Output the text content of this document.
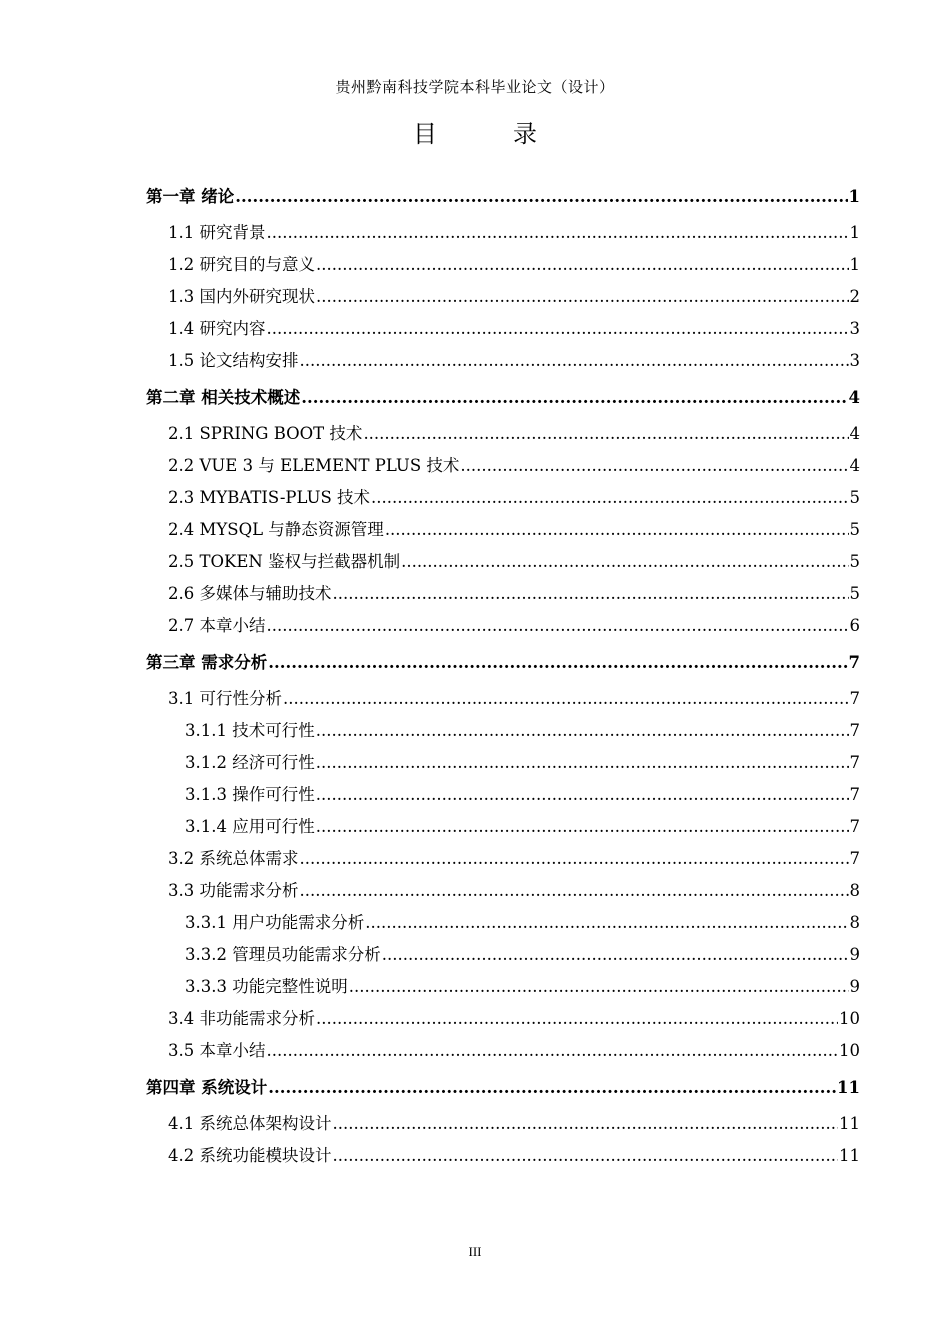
贵州黔南科技学院本科毕业论文（设计）
目　录
第一章 绪论 .....	1
1.1 研究背景 .....	1
1.2 研究目的与意义 .....	1
1.3 国内外研究现状 .....	2
1.4 研究内容 .....	3
1.5 论文结构安排 .....	3
第二章 相关技术概述 .....	4
2.1 SPRING BOOT 技术 .....	4
2.2 VUE 3 与 ELEMENT PLUS 技术 .....	4
2.3 MYBATIS-PLUS 技术 .....	5
2.4 MYSQL 与静态资源管理 .....	5
2.5 TOKEN 鉴权与拦截器机制 .....	5
2.6 多媒体与辅助技术 .....	5
2.7 本章小结 .....	6
第三章 需求分析 .....	7
3.1 可行性分析 .....	7
3.1.1 技术可行性 .....	7
3.1.2 经济可行性 .....	7
3.1.3 操作可行性 .....	7
3.1.4 应用可行性 .....	7
3.2 系统总体需求 .....	7
3.3 功能需求分析 .....	8
3.3.1 用户功能需求分析 .....	8
3.3.2 管理员功能需求分析 .....	9
3.3.3 功能完整性说明 .....	9
3.4 非功能需求分析 .....	10
3.5 本章小结 .....	10
第四章 系统设计 .....	11
4.1 系统总体架构设计 .....	11
4.2 系统功能模块设计 .....	11
III
